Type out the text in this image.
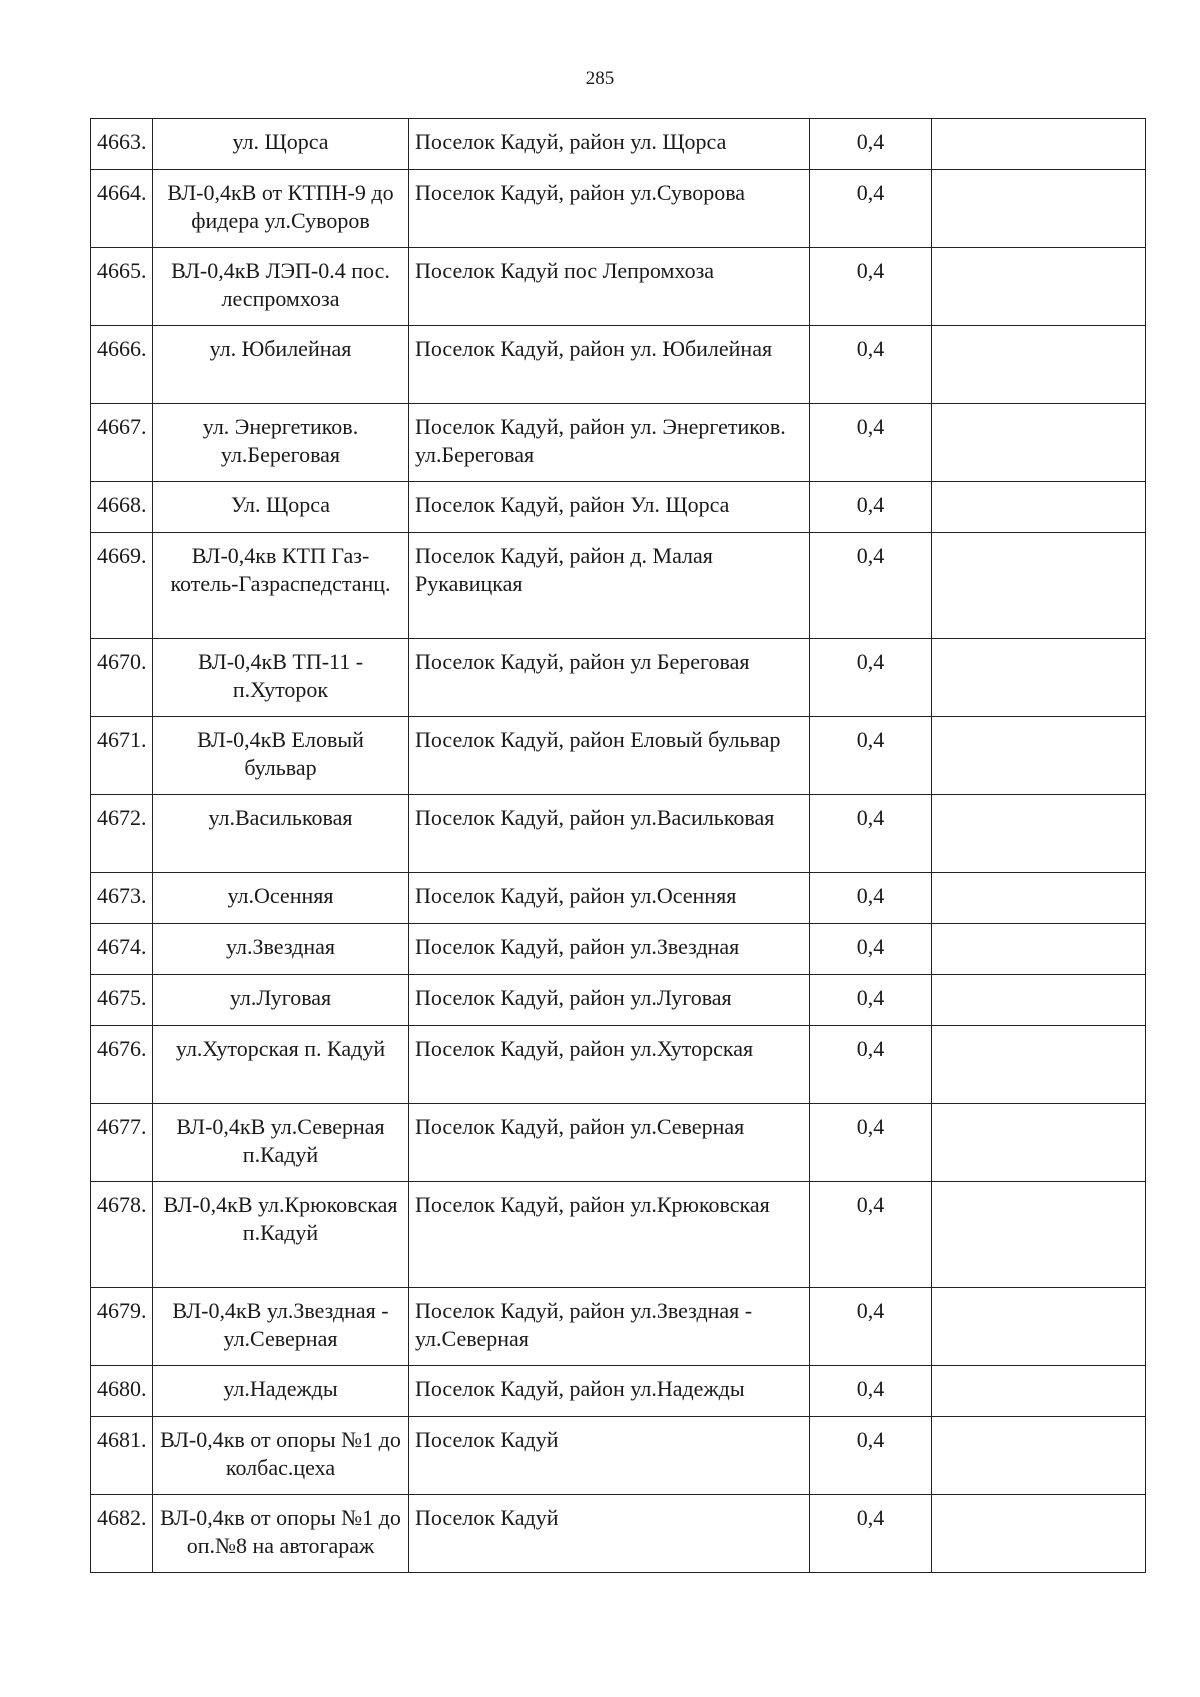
285
4663.	ул. Щорса	Поселок Кадуй, район ул. Щорса	0,4	
4664.	ВЛ-0,4кВ от КТПН-9 до фидера ул.Суворов	Поселок Кадуй, район ул.Суворова	0,4	
4665.	ВЛ-0,4кВ ЛЭП-0.4 пос. леспромхоза	Поселок Кадуй пос Лепромхоза	0,4	
4666.	ул. Юбилейная	Поселок Кадуй, район ул. Юбилейная	0,4	
4667.	ул. Энергетиков. ул.Береговая	Поселок Кадуй, район ул. Энергетиков. ул.Береговая	0,4	
4668.	Ул. Щорса	Поселок Кадуй, район Ул. Щорса	0,4	
4669.	ВЛ-0,4кв КТП Газ-котель-Газраспедстанц.	Поселок Кадуй, район д. Малая Рукавицкая	0,4	
4670.	ВЛ-0,4кВ ТП-11 - п.Хуторок	Поселок Кадуй, район ул Береговая	0,4	
4671.	ВЛ-0,4кВ Еловый бульвар	Поселок Кадуй, район Еловый бульвар	0,4	
4672.	ул.Васильковая	Поселок Кадуй, район ул.Васильковая	0,4	
4673.	ул.Осенняя	Поселок Кадуй, район ул.Осенняя	0,4	
4674.	ул.Звездная	Поселок Кадуй, район ул.Звездная	0,4	
4675.	ул.Луговая	Поселок Кадуй, район ул.Луговая	0,4	
4676.	ул.Хуторская п. Кадуй	Поселок Кадуй, район ул.Хуторская	0,4	
4677.	ВЛ-0,4кВ ул.Северная п.Кадуй	Поселок Кадуй, район ул.Северная	0,4	
4678.	ВЛ-0,4кВ ул.Крюковская п.Кадуй	Поселок Кадуй, район ул.Крюковская	0,4	
4679.	ВЛ-0,4кВ ул.Звездная - ул.Северная	Поселок Кадуй, район ул.Звездная - ул.Северная	0,4	
4680.	ул.Надежды	Поселок Кадуй, район ул.Надежды	0,4	
4681.	ВЛ-0,4кв от опоры №1 до колбас.цеха	Поселок Кадуй	0,4	
4682.	ВЛ-0,4кв от опоры №1 до оп.№8 на автогараж	Поселок Кадуй	0,4	
